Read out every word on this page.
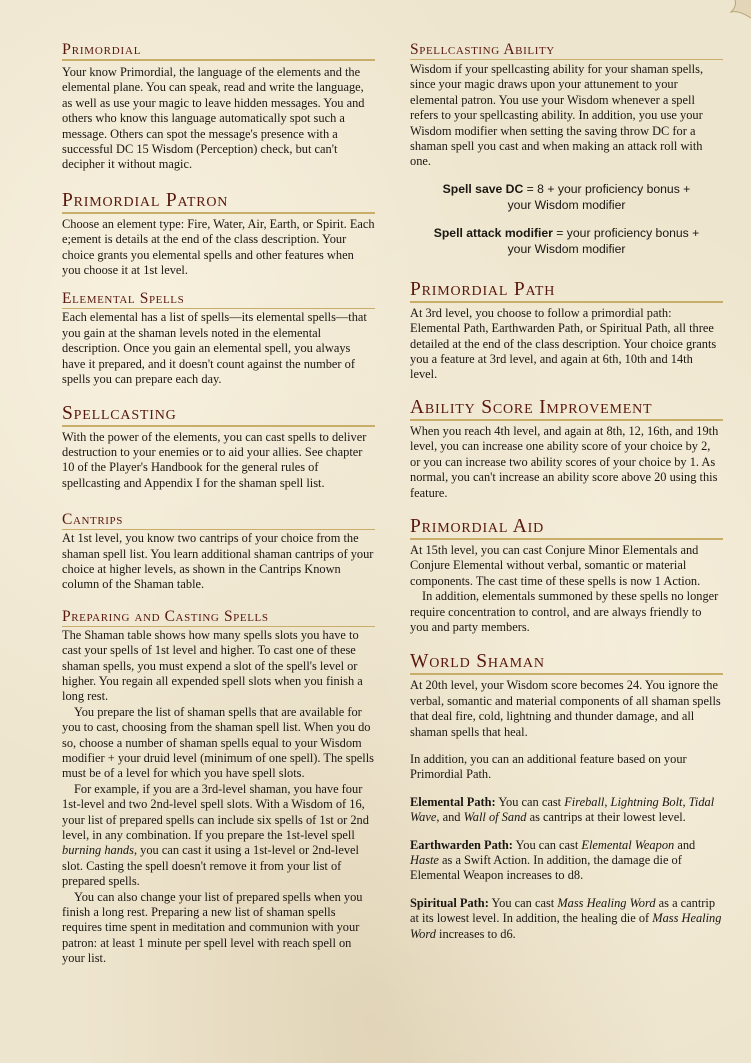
Primordial

Your know Primordial, the language of the elements and the elemental plane. You can speak, read and write the language, as well as use your magic to leave hidden messages. You and others who know this language automatically spot such a message. Others can spot the message's presence with a successful DC 15 Wisdom (Perception) check, but can't decipher it without magic.

Primordial Patron

Choose an element type: Fire, Water, Air, Earth, or Spirit. Each e;ement is details at the end of the class description. Your choice grants you elemental spells and other features when you choose it at 1st level.

Elemental Spells

Each elemental has a list of spells—its elemental spells—that you gain at the shaman levels noted in the elemental description. Once you gain an elemental spell, you always have it prepared, and it doesn't count against the number of spells you can prepare each day.

Spellcasting

With the power of the elements, you can cast spells to deliver destruction to your enemies or to aid your allies. See chapter 10 of the Player's Handbook for the general rules of spellcasting and Appendix I for the shaman spell list.

Cantrips

At 1st level, you know two cantrips of your choice from the shaman spell list. You learn additional shaman cantrips of your choice at higher levels, as shown in the Cantrips Known column of the Shaman table.

Preparing and Casting Spells

The Shaman table shows how many spells slots you have to cast your spells of 1st level and higher. To cast one of these shaman spells, you must expend a slot of the spell's level or higher. You regain all expended spell slots when you finish a long rest.

You prepare the list of shaman spells that are available for you to cast, choosing from the shaman spell list. When you do so, choose a number of shaman spells equal to your Wisdom modifier + your druid level (minimum of one spell). The spells must be of a level for which you have spell slots.

For example, if you are a 3rd-level shaman, you have four 1st-level and two 2nd-level spell slots. With a Wisdom of 16, your list of prepared spells can include six spells of 1st or 2nd level, in any combination. If you prepare the 1st-level spell burning hands, you can cast it using a 1st-level or 2nd-level slot. Casting the spell doesn't remove it from your list of prepared spells.

You can also change your list of prepared spells when you finish a long rest. Preparing a new list of shaman spells requires time spent in meditation and communion with your patron: at least 1 minute per spell level with reach spell on your list.

Spellcasting Ability

Wisdom if your spellcasting ability for your shaman spells, since your magic draws upon your attunement to your elemental patron. You use your Wisdom whenever a spell refers to your spellcasting ability. In addition, you use your Wisdom modifier when setting the saving throw DC for a shaman spell you cast and when making an attack roll with one.

Spell save DC = 8 + your proficiency bonus +
your Wisdom modifier
Spell attack modifier = your proficiency bonus +
your Wisdom modifier
Primordial Path

At 3rd level, you choose to follow a primordial path: Elemental Path, Earthwarden Path, or Spiritual Path, all three detailed at the end of the class description. Your choice grants you a feature at 3rd level, and again at 6th, 10th and 14th level.

Ability Score Improvement

When you reach 4th level, and again at 8th, 12, 16th, and 19th level, you can increase one ability score of your choice by 2, or you can increase two ability scores of your choice by 1. As normal, you can't increase an ability score above 20 using this feature.

Primordial Aid

At 15th level, you can cast Conjure Minor Elementals and Conjure Elemental without verbal, somantic or material components. The cast time of these spells is now 1 Action.

In addition, elementals summoned by these spells no longer require concentration to control, and are always friendly to you and party members.

World Shaman

At 20th level, your Wisdom score becomes 24. You ignore the verbal, somantic and material components of all shaman spells that deal fire, cold, lightning and thunder damage, and all shaman spells that heal.

In addition, you can an additional feature based on your Primordial Path.

Elemental Path: You can cast Fireball, Lightning Bolt, Tidal Wave, and Wall of Sand as cantrips at their lowest level.

Earthwarden Path: You can cast Elemental Weapon and Haste as a Swift Action. In addition, the damage die of Elemental Weapon increases to d8.

Spiritual Path: You can cast Mass Healing Word as a cantrip at its lowest level. In addition, the healing die of Mass Healing Word increases to d6.
